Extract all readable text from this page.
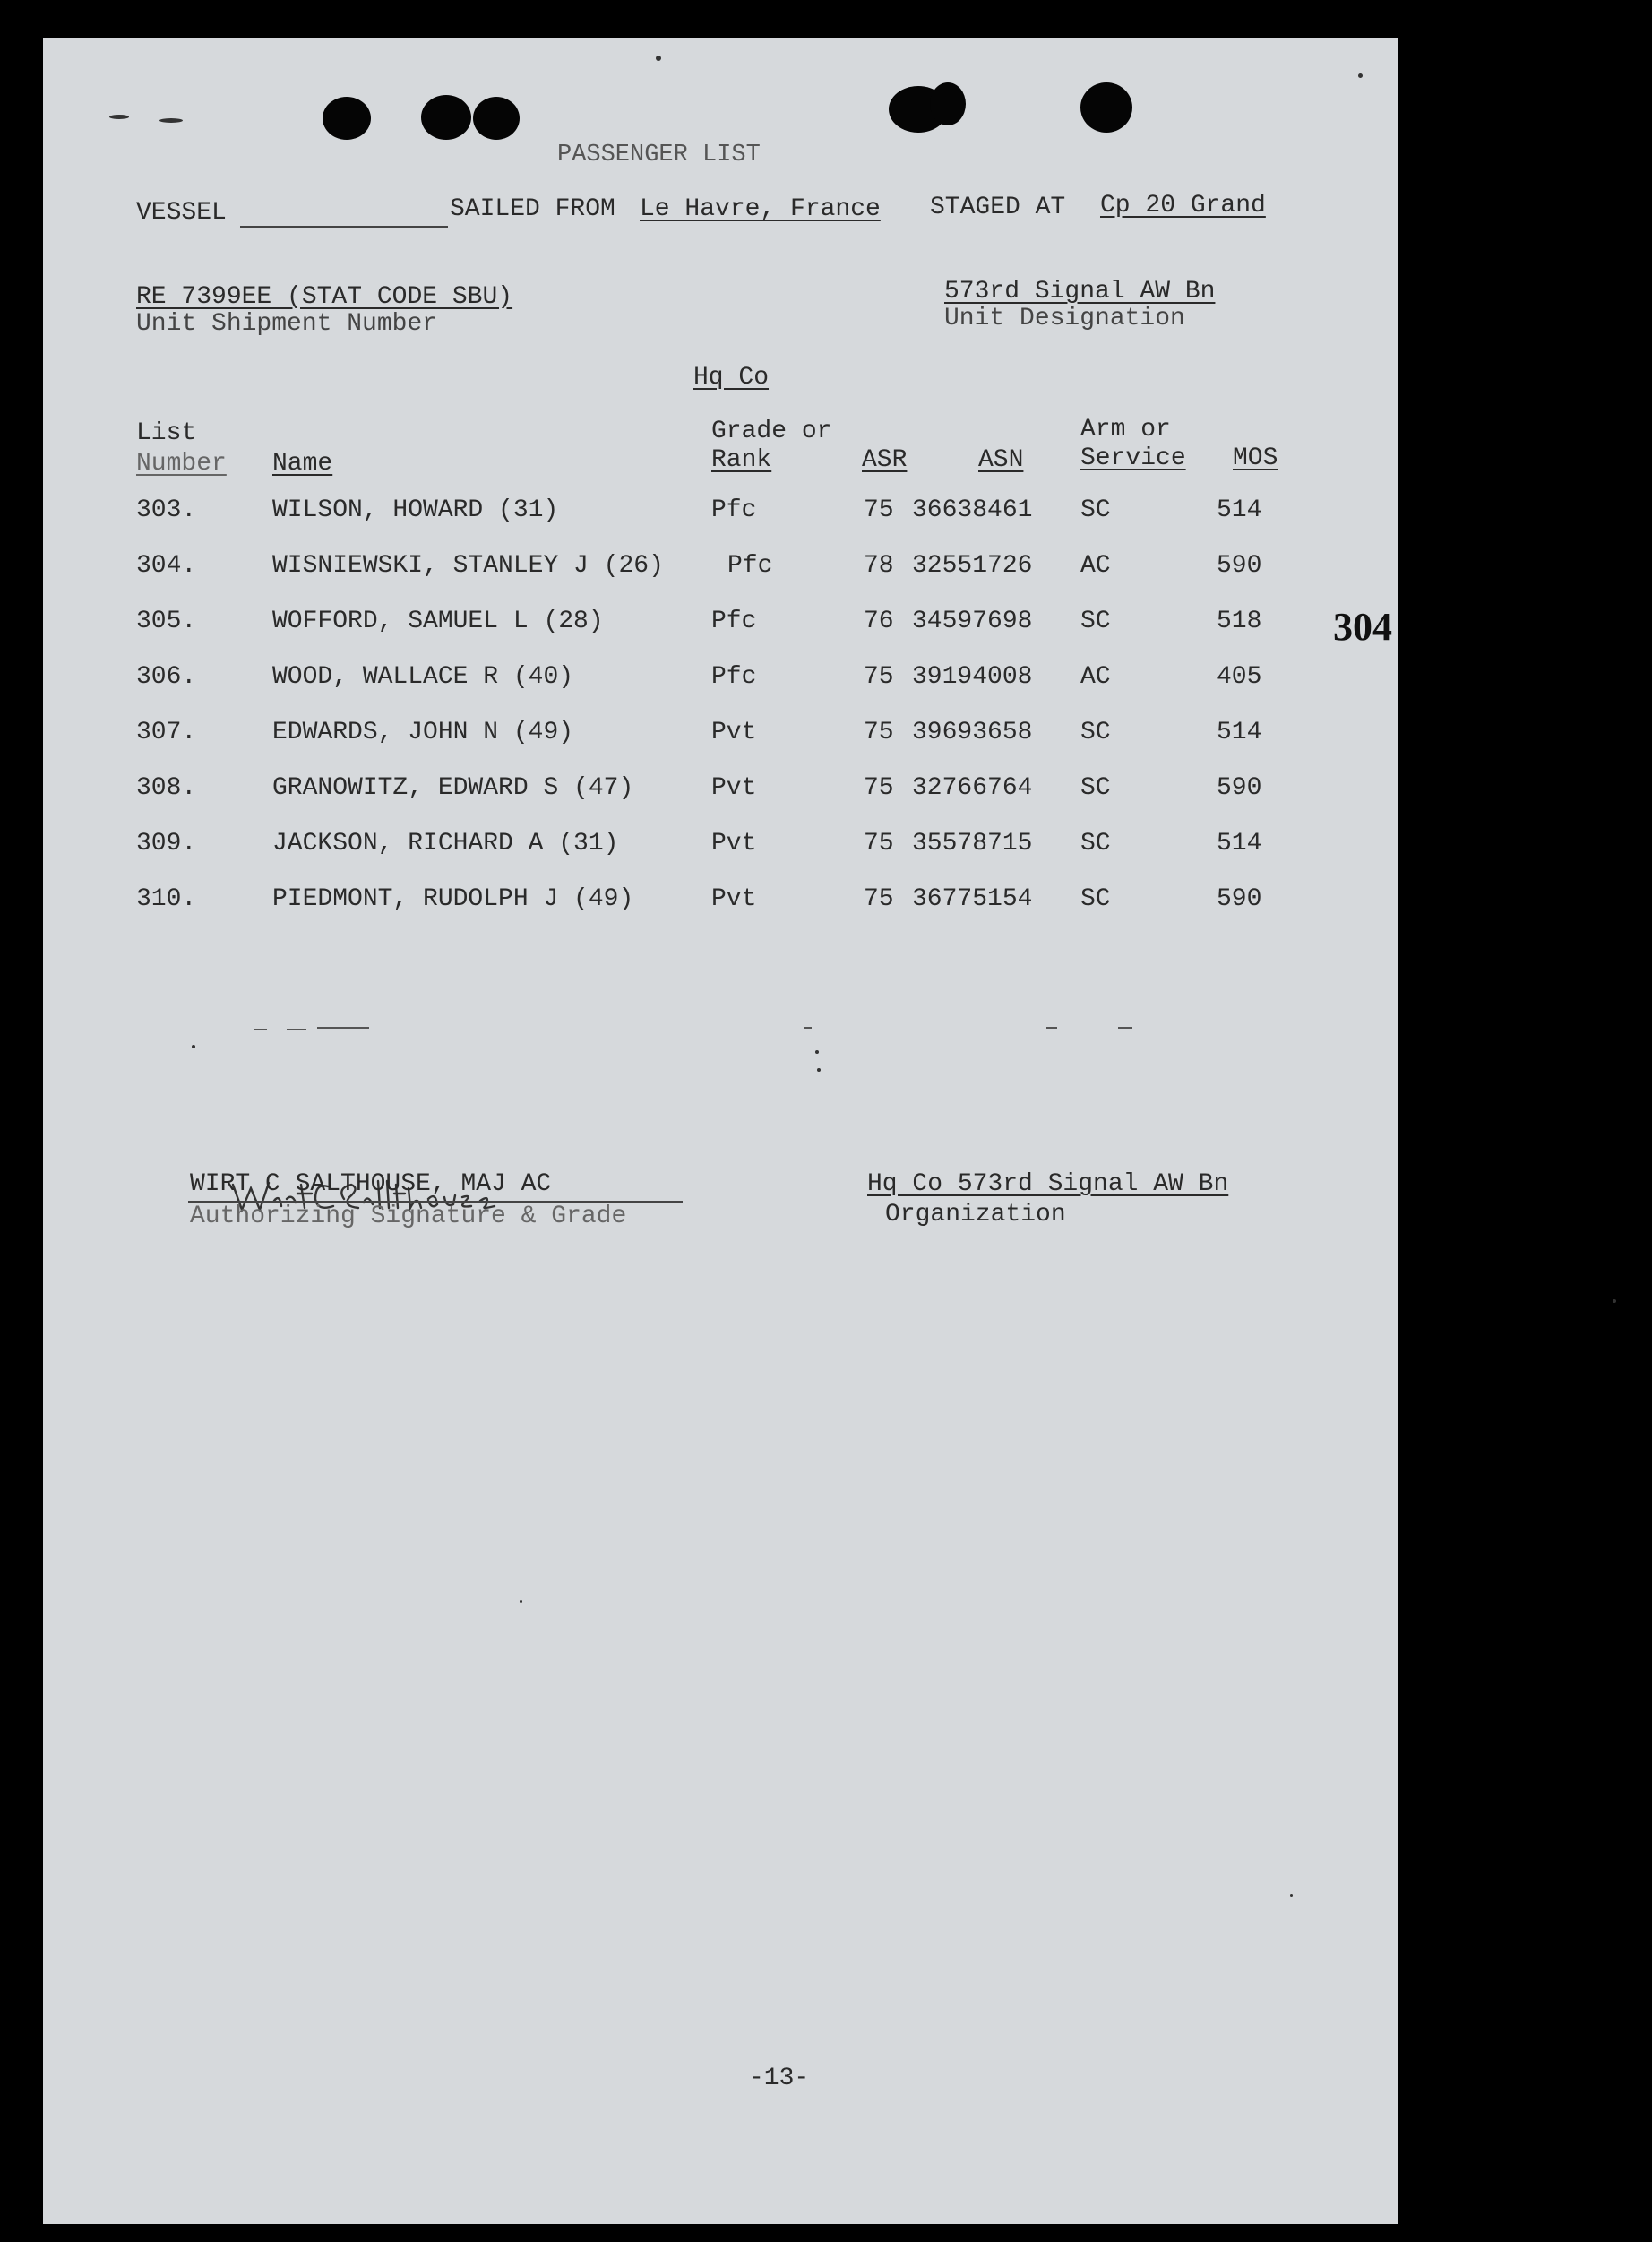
PASSENGER LIST
VESSEL	SAILED FROM Le Havre, France STAGED AT Cp 20 Grand
RE 7399EE (STAT CODE SBU)
Unit Shipment Number
573rd Signal AW Bn
Unit Designation
Hq Co
List
Number Name
Grade or
Rank	ASR	ASN
Arm or
Service MOS
303.	WILSON, HOWARD (31)	Pfc	75 36638461 SC	514
304.	WISNIEWSKI, STANLEY J (26)	Pfc	78 32551726 AC	590
305.	WOFFORD, SAMUEL L (28)	Pfc	76 34597698 SC	518
306.	WOOD, WALLACE R (40)	Pfc	75 39194008 AC	405
307.	EDWARDS, JOHN N (49)	Pvt	75 39693658 SC	514
308.	GRANOWITZ, EDWARD S (47)	Pvt	75 32766764 SC	590
309.	JACKSON, RICHARD A (31)	Pvt	75 35578715 SC	514
310.	PIEDMONT, RUDOLPH J (49)	Pvt	75 36775154 SC	590
304
WIRT C SALTHOUSE, MAJ AC
Authorizing Signature & Grade
Hq Co 573rd Signal AW Bn
Organization
-13-
